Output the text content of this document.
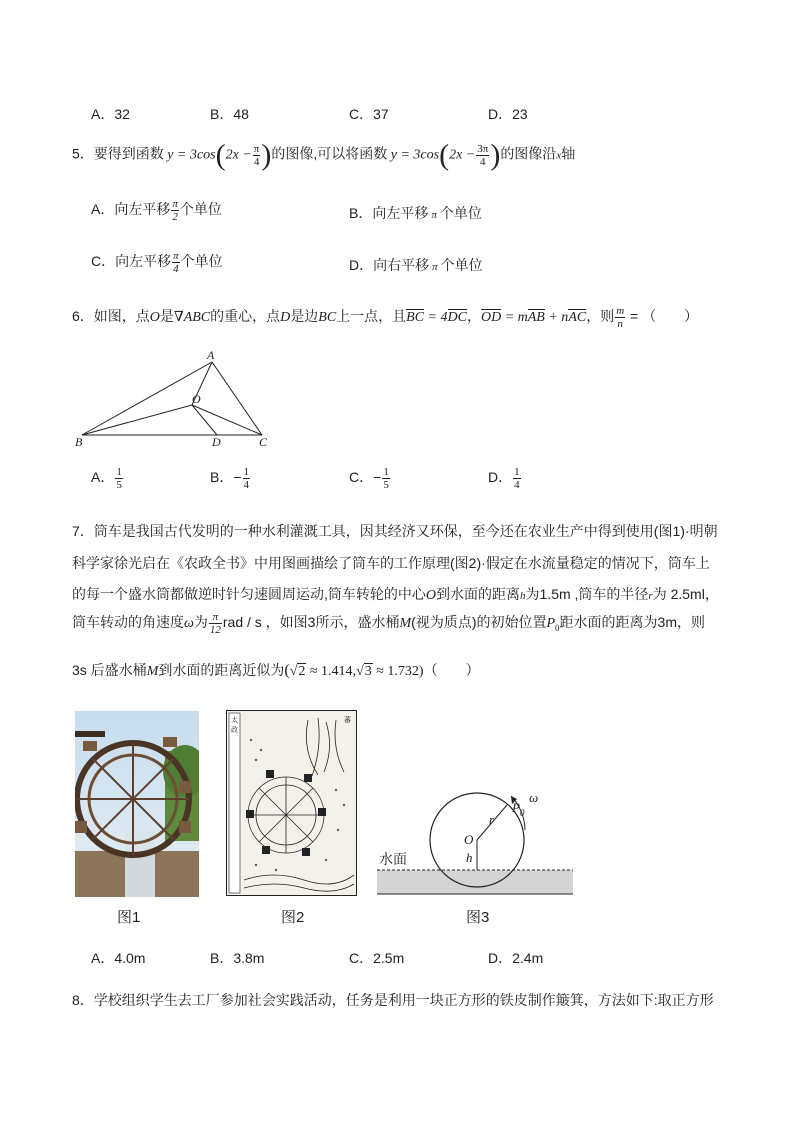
A．32	B．48	C．37	D．23
5．要得到函数 $y = 3\cos(2x - \frac{\pi}{4}$ )的图像,可以将函数 $y = 3\cos(2x - \frac{3\pi}{4}$ )的图像沿x轴
A．向左平移 $\frac{\pi}{2}$ 个单位	B．向左平移 π 个单位
C．向左平移 $\frac{\pi}{4}$ 个单位	D．向右平移 π 个单位
6．如图，点O是∇ABC的重心，点D是边BC上一点，且BC = 4DC，OD = mAB + nAC，则 $\frac{m}{n}$ = （　　）
A
B	C
D
O
A． $\frac{1}{5}$	B．− $\frac{1}{4}$	C．− $\frac{1}{5}$	D． $\frac{1}{4}$
7．筒车是我国古代发明的一种水利灌溉工具，因其经济又环保，至今还在农业生产中得到使用(图1)·明朝
科学家徐光启在《农政全书》中用图画描绘了筒车的工作原理(图2)·假定在水流量稳定的情况下，筒车上
的每一个盛水筒都做逆时针匀速圆周运动,筒车转轮的中心O到水面的距离h为1.5m ,筒车的半径r为 2.5ml，
筒车转动的角速度ω为 $\frac{\pi}{12}$ rad / s ，如图3所示，盛水桶M(视为质点)的初始位置$P_0$距水面的距离为3m，则
3s 后盛水桶M到水面的距离近似为(√2 ≈ 1.414,√3 ≈ 1.732)（　　）
太
政
蕃
O
r
h
$P_0$
ω
水面
图1	图2	图3
A．4.0m	B．3.8m	C．2.5m	D．2.4m
8．学校组织学生去工厂参加社会实践活动，任务是利用一块正方形的铁皮制作簸箕，方法如下:取正方形
